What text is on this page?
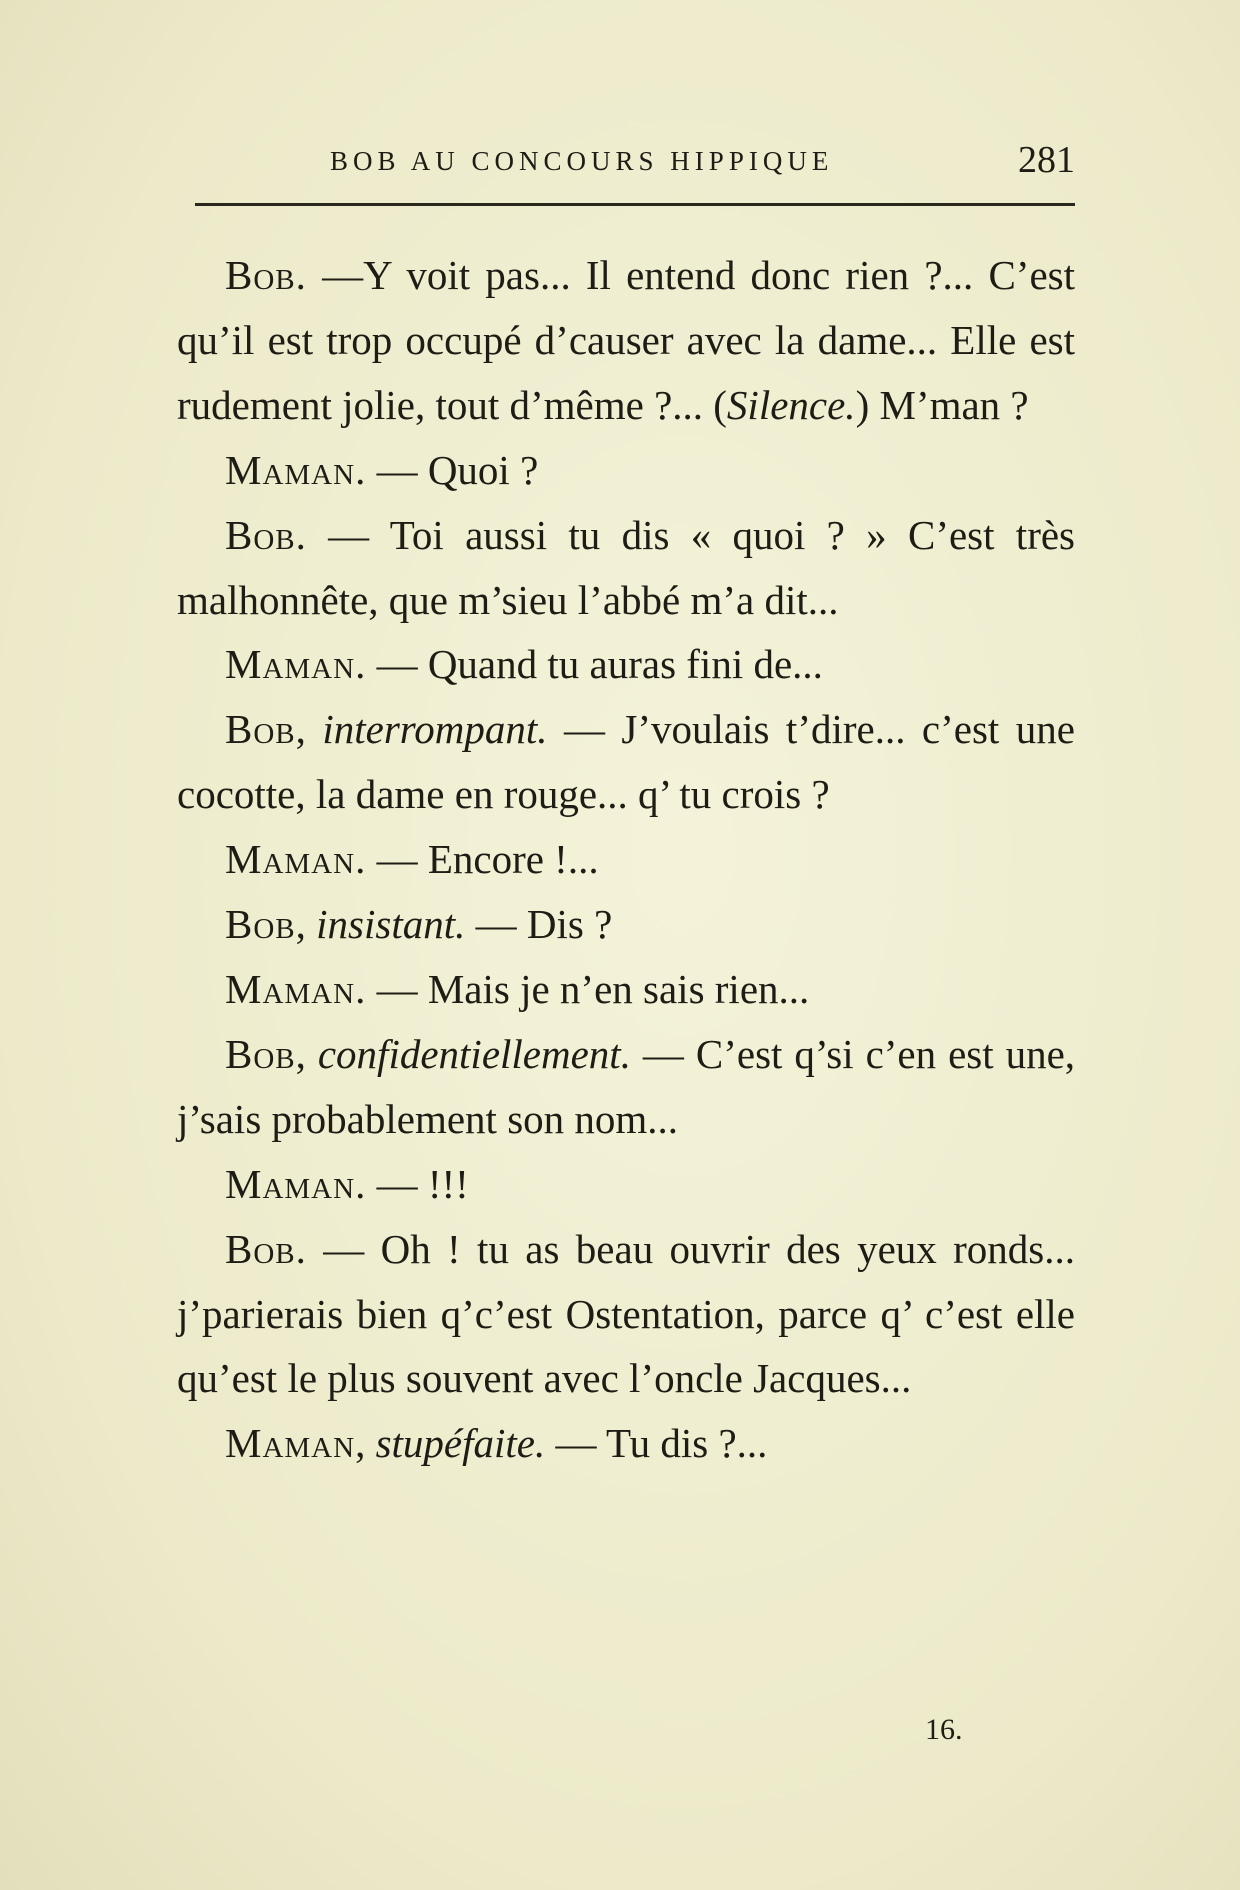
BOB AU CONCOURS HIPPIQUE	281

Bob. —Y voit pas... Il entend donc rien ?... C’est qu’il est trop occupé d’causer avec la dame... Elle est rudement jolie, tout d’même ?... (Silence.) M’man ?

Maman. — Quoi ?

Bob. — Toi aussi tu dis « quoi ? » C’est très malhonnête, que m’sieu l’abbé m’a dit...

Maman. — Quand tu auras fini de...

Bob, interrompant. — J’voulais t’dire... c’est une cocotte, la dame en rouge... q’ tu crois ?

Maman. — Encore !...

Bob, insistant. — Dis ?

Maman. — Mais je n’en sais rien...

Bob, confidentiellement. — C’est q’si c’en est une, j’sais probablement son nom...

Maman. — !!!

Bob. — Oh ! tu as beau ouvrir des yeux ronds... j’parierais bien q’c’est Ostentation, parce q’ c’est elle qu’est le plus souvent avec l’oncle Jacques...

Maman, stupéfaite. — Tu dis ?...

16.
